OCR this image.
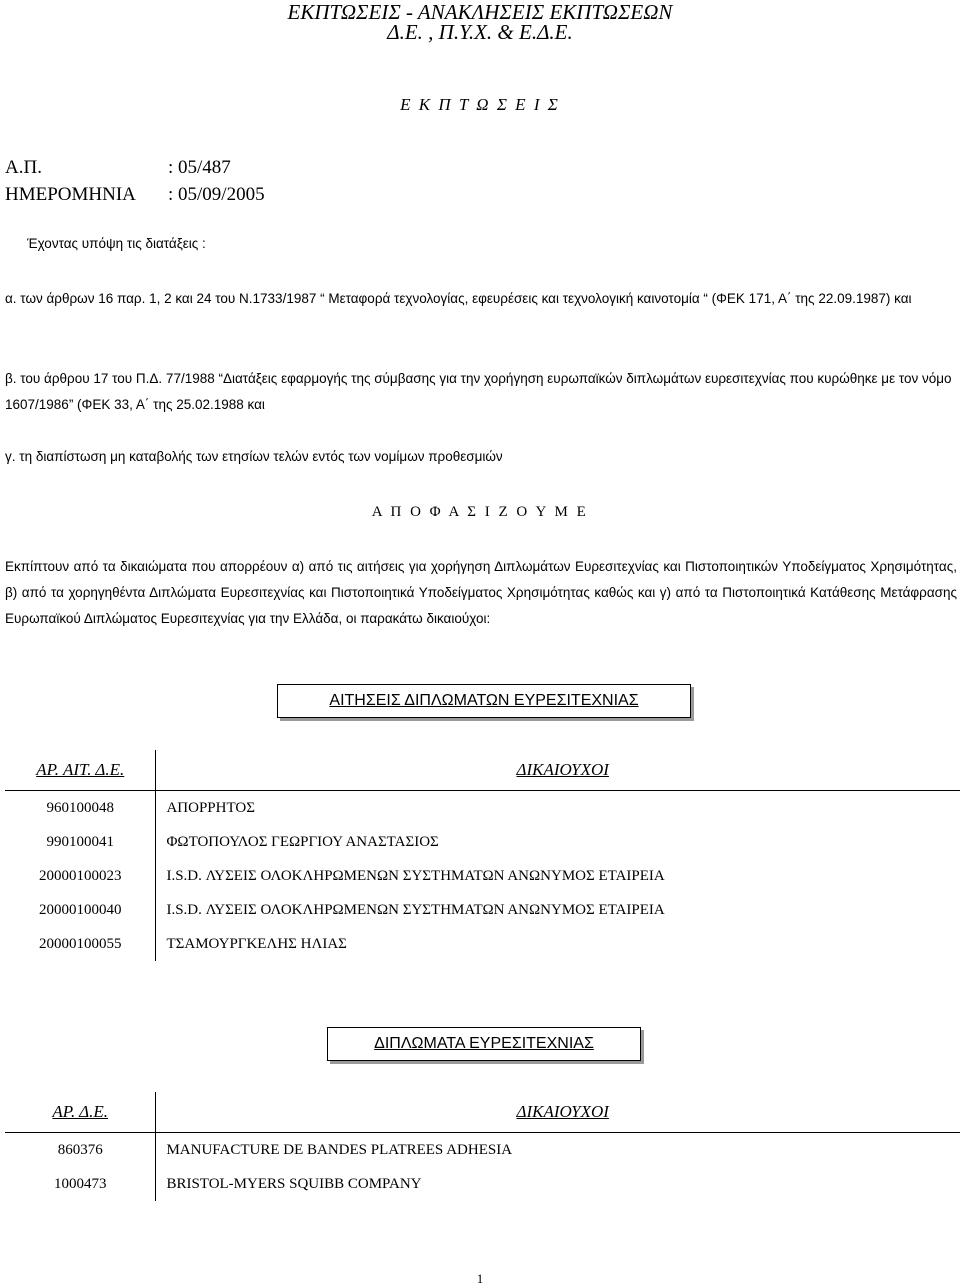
ΕΚΠΤΩΣΕΙΣ - ΑΝΑΚΛΗΣΕΙΣ ΕΚΠΤΩΣΕΩΝ
Δ.Ε. , Π.Υ.Χ. & Ε.Δ.Ε.
Ε Κ Π Τ Ω Σ Ε Ι Σ
Α.Π.	: 05/487
ΗΜΕΡΟΜΗΝΙΑ : 05/09/2005
Έχοντας υπόψη τις διατάξεις :
α. των άρθρων 16 παρ. 1, 2 και 24 του Ν.1733/1987 “ Μεταφορά τεχνολογίας, εφευρέσεις και τεχνολογική καινοτομία “ (ΦΕΚ 171, Α΄ της 22.09.1987) και
β. του άρθρου 17 του Π.Δ. 77/1988 “Διατάξεις εφαρμογής της σύμβασης για την χορήγηση ευρωπαϊκών διπλωμάτων ευρεσιτεχνίας που κυρώθηκε με τον νόμο 1607/1986” (ΦΕΚ 33, Α΄ της 25.02.1988 και
γ. τη διαπίστωση μη καταβολής των ετησίων τελών εντός των νομίμων προθεσμιών
Α Π Ο Φ Α Σ Ι Ζ Ο Υ Μ Ε
Εκπίπτουν από τα δικαιώματα που απορρέουν α) από τις αιτήσεις για χορήγηση Διπλωμάτων Ευρεσιτεχνίας και Πιστοποιητικών Υποδείγματος Χρησιμότητας, β) από τα χορηγηθέντα Διπλώματα Ευρεσιτεχνίας και Πιστοποιητικά Υποδείγματος Χρησιμότητας καθώς και γ) από τα Πιστοποιητικά Κατάθεσης Μετάφρασης Ευρωπαϊκού Διπλώματος Ευρεσιτεχνίας για την Ελλάδα, οι παρακάτω δικαιούχοι:
ΑΙΤΗΣΕΙΣ ΔΙΠΛΩΜΑΤΩΝ ΕΥΡΕΣΙΤΕΧΝΙΑΣ
ΑΡ. ΑΙΤ. Δ.Ε.	ΔΙΚΑΙΟΥΧΟΙ
960100048	ΑΠΟΡΡΗΤΟΣ
990100041	ΦΩΤΟΠΟΥΛΟΣ ΓΕΩΡΓΙΟΥ ΑΝΑΣΤΑΣΙΟΣ
20000100023	I.S.D. ΛΥΣΕΙΣ ΟΛΟΚΛΗΡΩΜΕΝΩΝ ΣΥΣΤΗΜΑΤΩΝ ΑΝΩΝΥΜΟΣ ΕΤΑΙΡΕΙΑ
20000100040	I.S.D. ΛΥΣΕΙΣ ΟΛΟΚΛΗΡΩΜΕΝΩΝ ΣΥΣΤΗΜΑΤΩΝ ΑΝΩΝΥΜΟΣ ΕΤΑΙΡΕΙΑ
20000100055	ΤΣΑΜΟΥΡΓΚΕΛΗΣ ΗΛΙΑΣ
ΔΙΠΛΩΜΑΤΑ ΕΥΡΕΣΙΤΕΧΝΙΑΣ
ΑΡ. Δ.Ε.	ΔΙΚΑΙΟΥΧΟΙ
860376	MANUFACTURE DE BANDES PLATREES ADHESIA
1000473	BRISTOL-MYERS SQUIBB COMPANY
1
